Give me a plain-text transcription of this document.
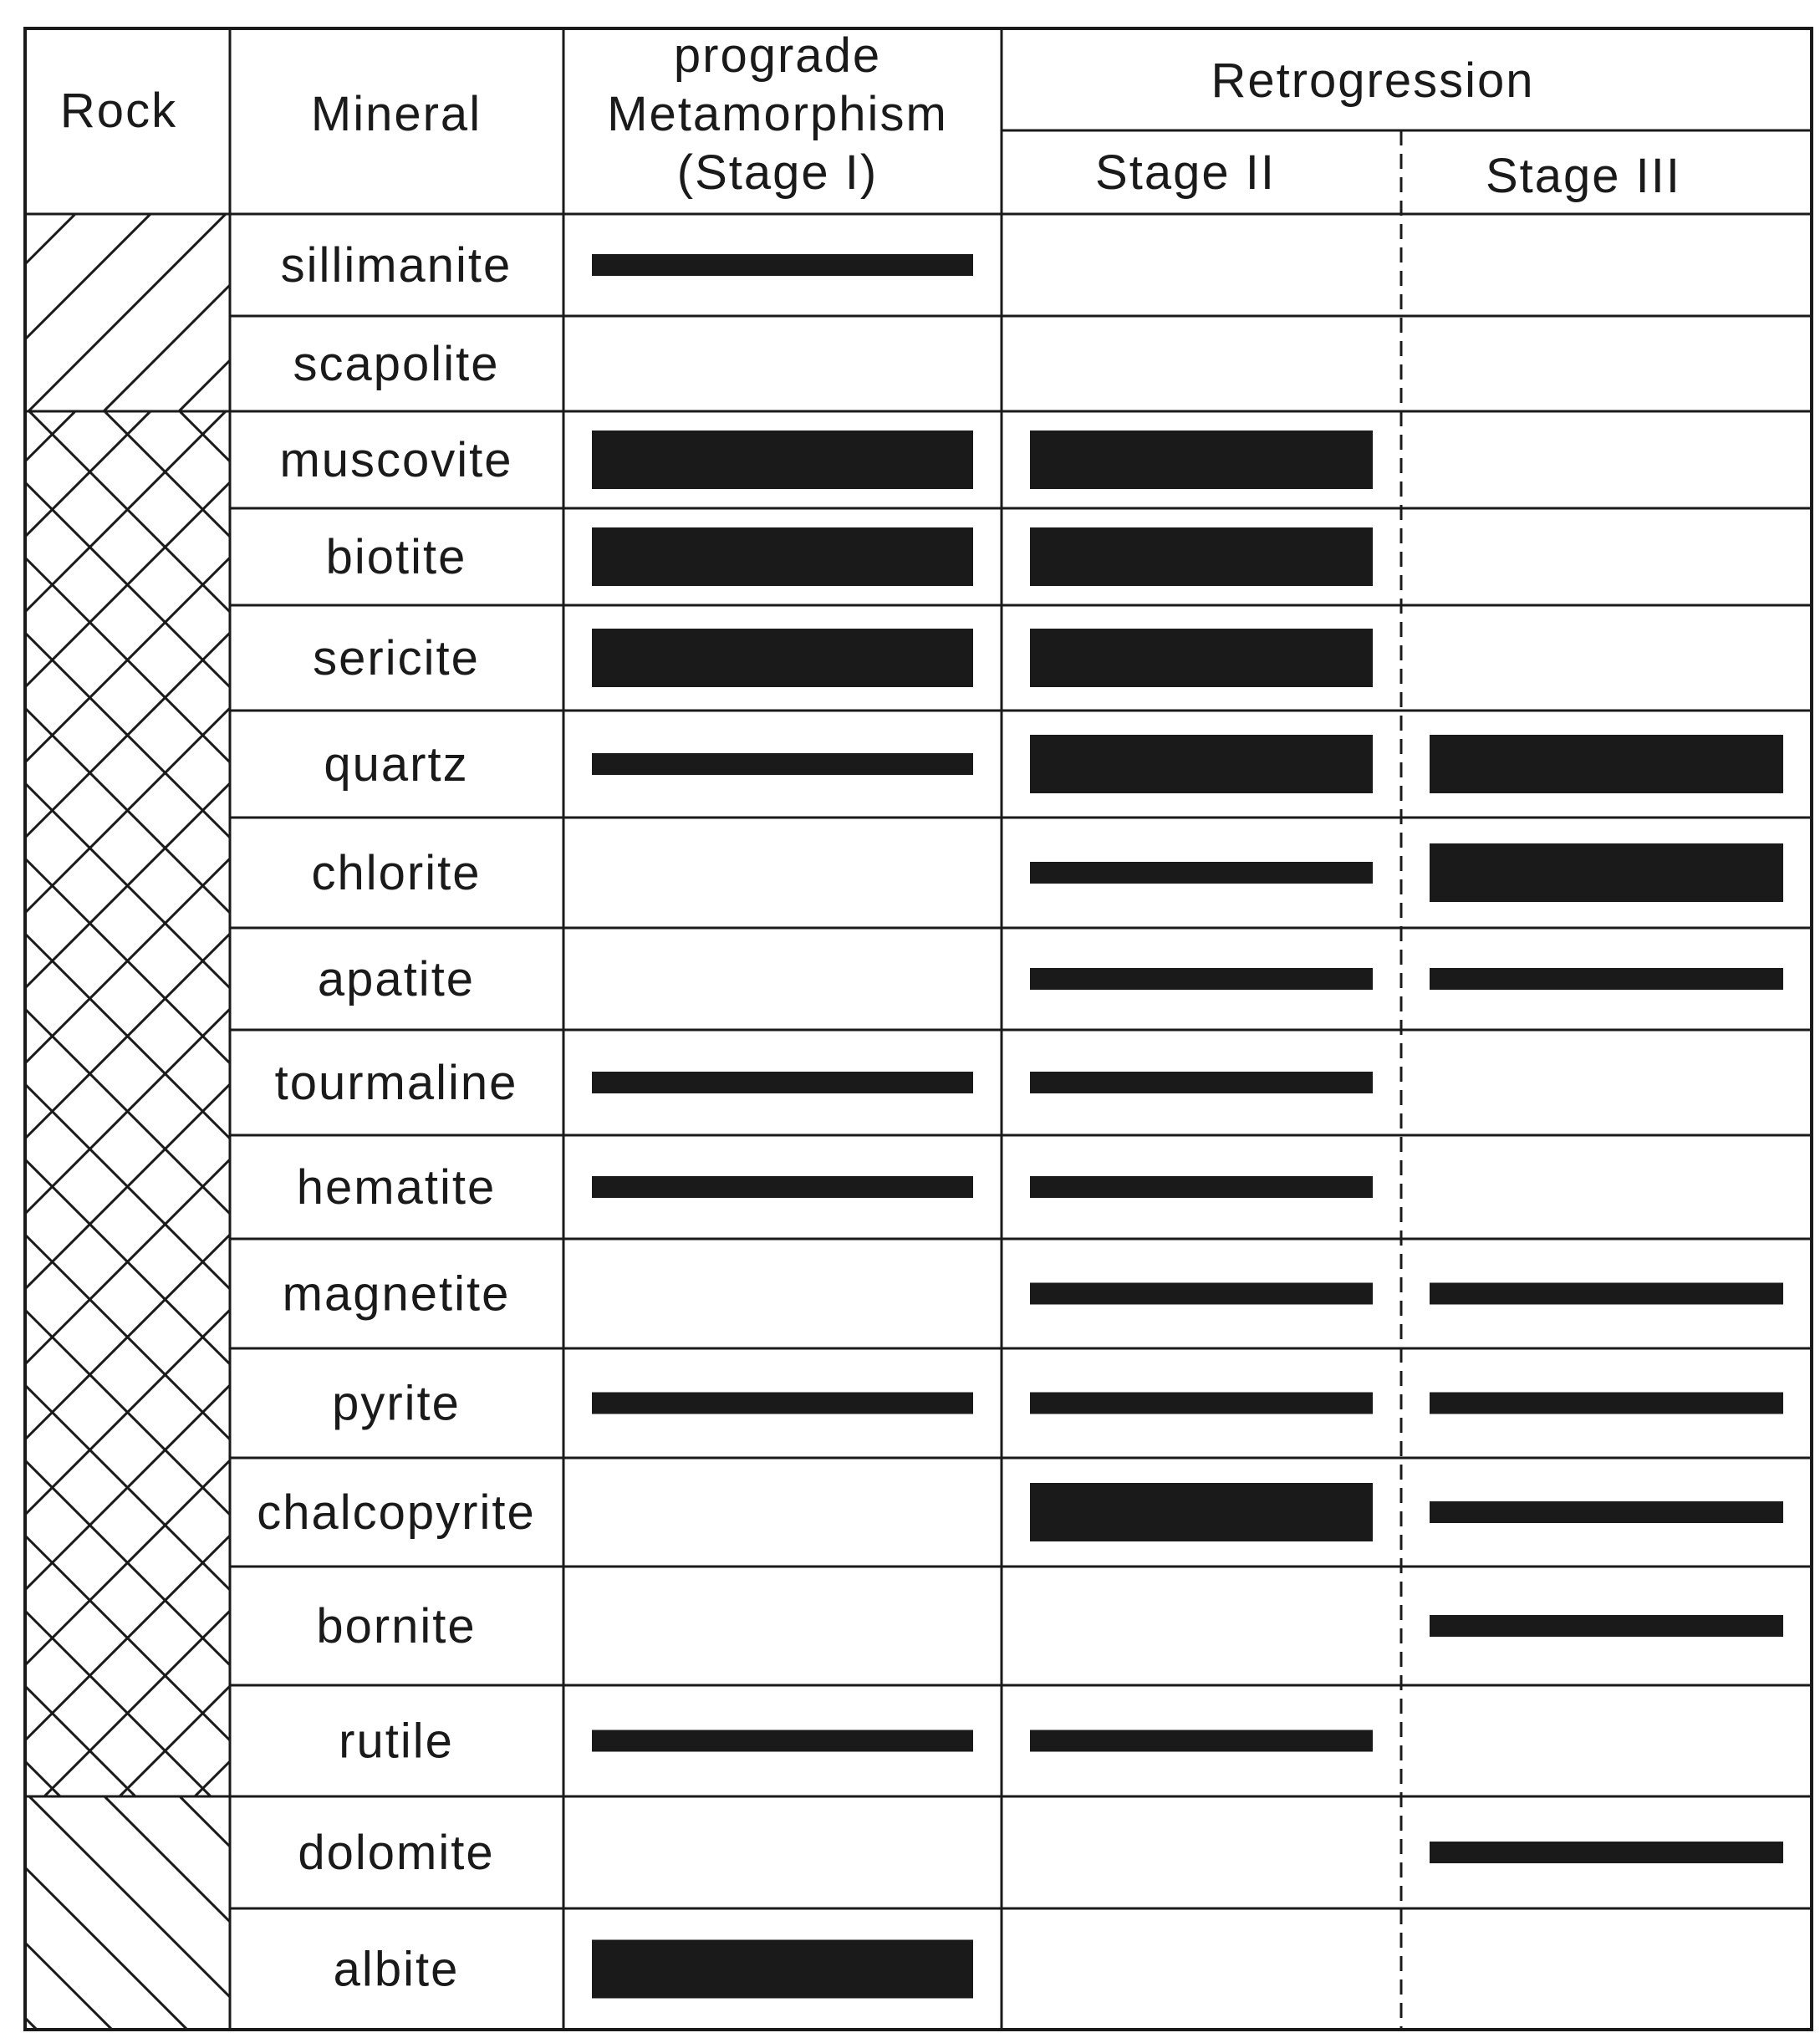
Rock	Mineral
prograde
Metamorphism
(Stage I)
Retrogression
Stage II	Stage III
sillimanite
scapolite
muscovite
biotite
sericite
quartz
chlorite
apatite
tourmaline
hematite
magnetite
pyrite
chalcopyrite
bornite
rutile
dolomite
albite
